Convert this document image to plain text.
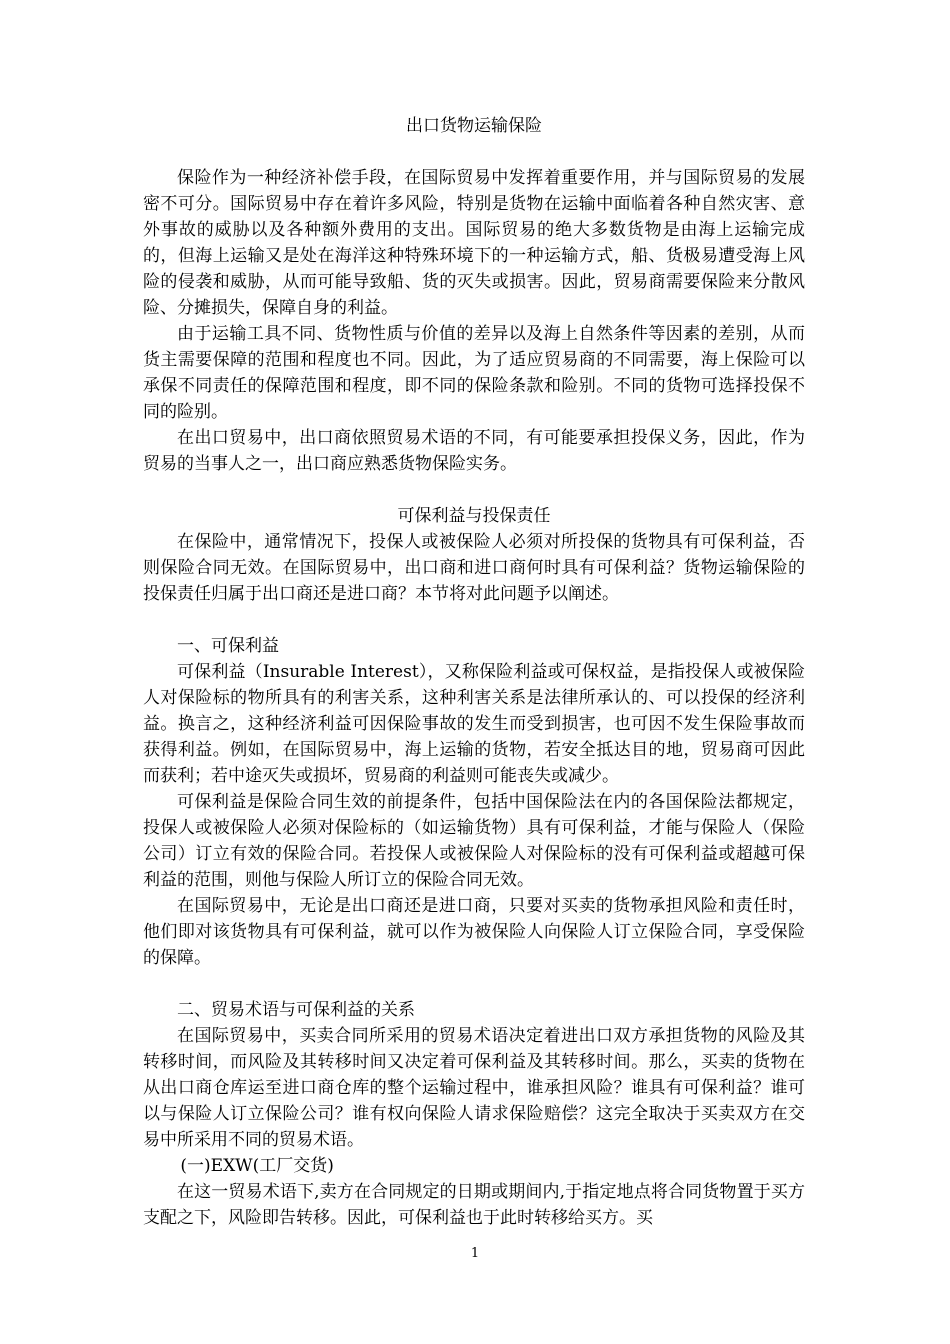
出口货物运输保险

保险作为一种经济补偿手段，在国际贸易中发挥着重要作用，并与国际贸易的发展密不可分。国际贸易中存在着许多风险，特别是货物在运输中面临着各种自然灾害、意外事故的威胁以及各种额外费用的支出。国际贸易的绝大多数货物是由海上运输完成的，但海上运输又是处在海洋这种特殊环境下的一种运输方式，船、货极易遭受海上风险的侵袭和威胁，从而可能导致船、货的灭失或损害。因此，贸易商需要保险来分散风险、分摊损失，保障自身的利益。

由于运输工具不同、货物性质与价值的差异以及海上自然条件等因素的差别，从而货主需要保障的范围和程度也不同。因此，为了适应贸易商的不同需要，海上保险可以承保不同责任的保障范围和程度，即不同的保险条款和险别。不同的货物可选择投保不同的险别。

在出口贸易中，出口商依照贸易术语的不同，有可能要承担投保义务，因此，作为贸易的当事人之一，出口商应熟悉货物保险实务。

可保利益与投保责任

在保险中，通常情况下，投保人或被保险人必须对所投保的货物具有可保利益，否则保险合同无效。在国际贸易中，出口商和进口商何时具有可保利益？货物运输保险的投保责任归属于出口商还是进口商？本节将对此问题予以阐述。

一、可保利益

可保利益（Insurable Interest），又称保险利益或可保权益，是指投保人或被保险人对保险标的物所具有的利害关系，这种利害关系是法律所承认的、可以投保的经济利益。换言之，这种经济利益可因保险事故的发生而受到损害，也可因不发生保险事故而获得利益。例如，在国际贸易中，海上运输的货物，若安全抵达目的地，贸易商可因此而获利；若中途灭失或损坏，贸易商的利益则可能丧失或减少。

可保利益是保险合同生效的前提条件，包括中国保险法在内的各国保险法都规定，投保人或被保险人必须对保险标的（如运输货物）具有可保利益，才能与保险人（保险公司）订立有效的保险合同。若投保人或被保险人对保险标的没有可保利益或超越可保利益的范围，则他与保险人所订立的保险合同无效。

在国际贸易中，无论是出口商还是进口商，只要对买卖的货物承担风险和责任时，他们即对该货物具有可保利益，就可以作为被保险人向保险人订立保险合同，享受保险的保障。

二、贸易术语与可保利益的关系

在国际贸易中，买卖合同所采用的贸易术语决定着进出口双方承担货物的风险及其转移时间，而风险及其转移时间又决定着可保利益及其转移时间。那么，买卖的货物在从出口商仓库运至进口商仓库的整个运输过程中，谁承担风险？谁具有可保利益？谁可以与保险人订立保险公司？谁有权向保险人请求保险赔偿？这完全取决于买卖双方在交易中所采用不同的贸易术语。

(一)EXW(工厂交货)

在这一贸易术语下,卖方在合同规定的日期或期间内,于指定地点将合同货物置于买方支配之下，风险即告转移。因此，可保利益也于此时转移给买方。买

1
